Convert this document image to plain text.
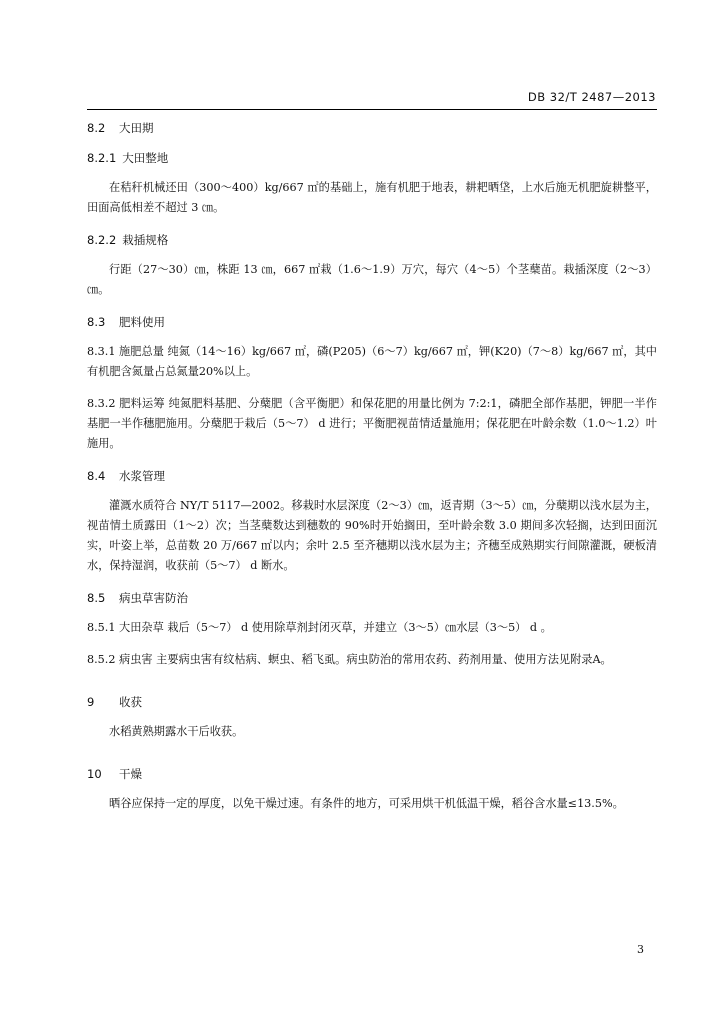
DB 32/T 2487—2013
8.2 大田期
8.2.1 大田整地

在秸秆机械还田（300～400）kg/667 ㎡的基础上，施有机肥于地表，耕耙晒垡，上水后施无机肥旋耕整平，田面高低相差不超过 3 ㎝。

8.2.2 栽插规格

行距（27～30）㎝，株距 13 ㎝，667 ㎡栽（1.6～1.9）万穴，每穴（4～5）个茎蘖苗。栽插深度（2～3）㎝。

8.3 肥料使用

8.3.1 施肥总量 纯氮（14～16）kg/667 ㎡，磷(P205)（6～7）kg/667 ㎡，钾(K20)（7～8）kg/667 ㎡，其中有机肥含氮量占总氮量20%以上。

8.3.2 肥料运筹 纯氮肥料基肥、分蘖肥（含平衡肥）和保花肥的用量比例为 7:2:1，磷肥全部作基肥，钾肥一半作基肥一半作穗肥施用。分蘖肥于栽后（5～7） d 进行；平衡肥视苗情适量施用；保花肥在叶龄余数（1.0～1.2）叶施用。

8.4 水浆管理

灌溉水质符合 NY/T 5117—2002。移栽时水层深度（2～3）㎝，返青期（3～5）㎝，分蘖期以浅水层为主，视苗情土质露田（1～2）次；当茎蘖数达到穗数的 90%时开始搁田，至叶龄余数 3.0 期间多次轻搁，达到田面沉实，叶姿上举，总苗数 20 万/667 ㎡以内；余叶 2.5 至齐穗期以浅水层为主；齐穗至成熟期实行间隙灌溉，硬板清水，保持湿润，收获前（5～7） d 断水。

8.5 病虫草害防治

8.5.1 大田杂草 栽后（5～7） d 使用除草剂封闭灭草，并建立（3～5）㎝水层（3～5） d 。

8.5.2 病虫害 主要病虫害有纹枯病、螟虫、稻飞虱。病虫防治的常用农药、药剂用量、使用方法见附录A。

9 收获

水稻黄熟期露水干后收获。

10 干燥

晒谷应保持一定的厚度，以免干燥过速。有条件的地方，可采用烘干机低温干燥，稻谷含水量≤13.5%。

3
